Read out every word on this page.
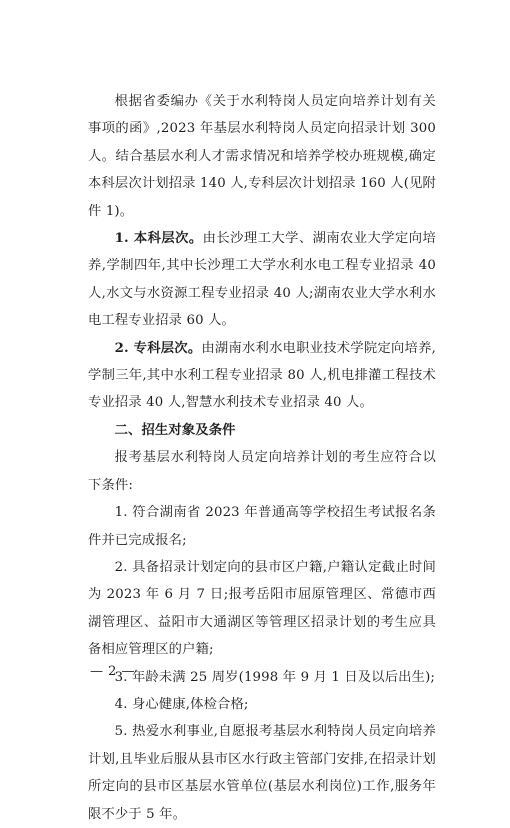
根据省委编办《关于水利特岗人员定向培养计划有关事项的函》,2023 年基层水利特岗人员定向招录计划 300 人。结合基层水利人才需求情况和培养学校办班规模,确定本科层次计划招录 140 人,专科层次计划招录 160 人(见附件 1)。

1. 本科层次。由长沙理工大学、湖南农业大学定向培养,学制四年,其中长沙理工大学水利水电工程专业招录 40 人,水文与水资源工程专业招录 40 人;湖南农业大学水利水电工程专业招录 60 人。

2. 专科层次。由湖南水利水电职业技术学院定向培养,学制三年,其中水利工程专业招录 80 人,机电排灌工程技术专业招录 40 人,智慧水利技术专业招录 40 人。

二、招生对象及条件

报考基层水利特岗人员定向培养计划的考生应符合以下条件:

1. 符合湖南省 2023 年普通高等学校招生考试报名条件并已完成报名;

2. 具备招录计划定向的县市区户籍,户籍认定截止时间为 2023 年 6 月 7 日;报考岳阳市屈原管理区、常德市西湖管理区、益阳市大通湖区等管理区招录计划的考生应具备相应管理区的户籍;

3. 年龄未满 25 周岁(1998 年 9 月 1 日及以后出生);

4. 身心健康,体检合格;

5. 热爱水利事业,自愿报考基层水利特岗人员定向培养计划,且毕业后服从县市区水行政主管部门安排,在招录计划所定向的县市区基层水管单位(基层水利岗位)工作,服务年限不少于 5 年。

— 2 —
